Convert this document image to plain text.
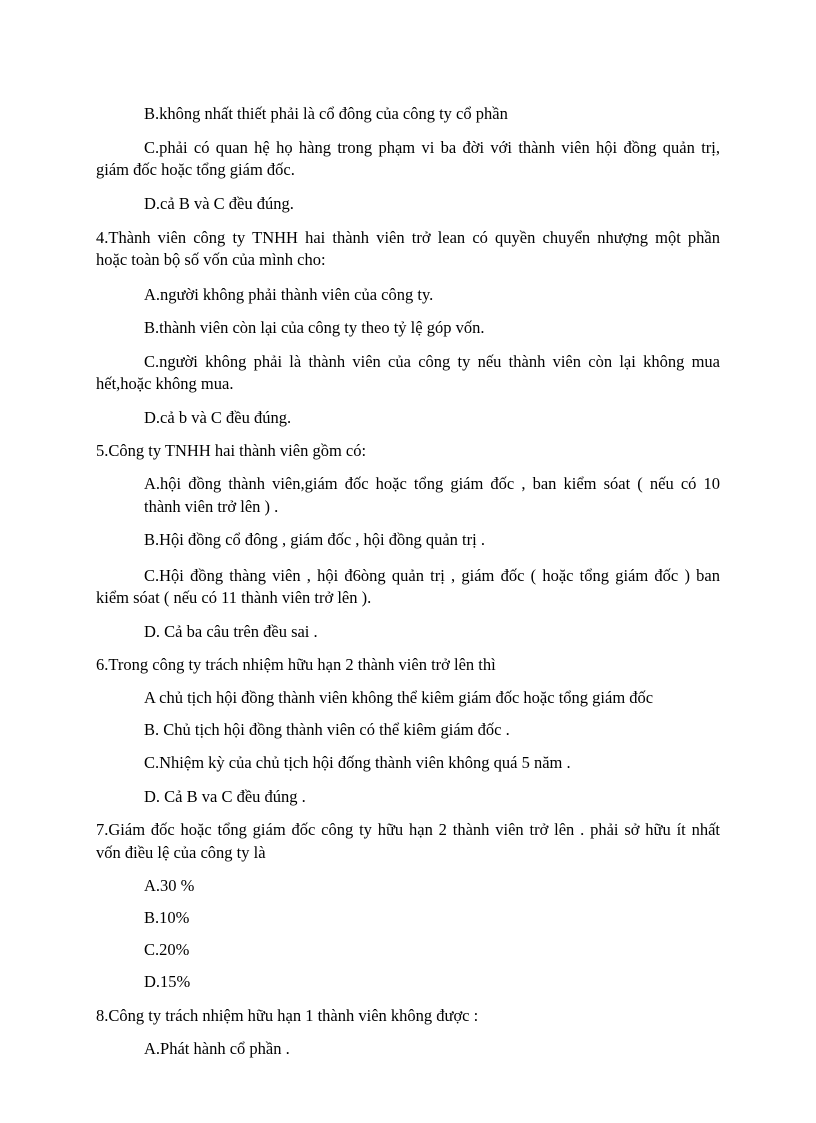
B.không nhất thiết phải là cổ đông của công ty cổ phần
C.phải có quan hệ họ hàng trong phạm vi ba đời với thành viên hội đồng quản trị,
giám đốc hoặc tổng giám đốc.
D.cả B và C đều đúng.
4.Thành viên công ty TNHH hai thành viên trở lean có quyền chuyển nhượng một phần
hoặc toàn bộ số vốn của mình cho:
A.người không phải thành viên của công ty.
B.thành viên còn lại của công ty theo tỷ lệ góp vốn.
C.người không phải là thành viên của công ty nếu thành viên còn lại không mua
hết,hoặc không mua.
D.cả b và C đều đúng.
5.Công ty TNHH hai thành viên gồm có:
A.hội đồng thành viên,giám đốc hoặc tổng giám đốc , ban kiểm sóat ( nếu có 10
thành viên trở lên ) .
B.Hội đồng cổ đông , giám đốc , hội đồng quản trị .
C.Hội đồng thàng viên , hội đ6òng quản trị , giám đốc ( hoặc tổng giám đốc ) ban
kiểm sóat ( nếu có 11 thành viên trở lên ).
D. Cả ba câu trên đều sai .
6.Trong công ty trách nhiệm hữu hạn 2 thành viên trở lên thì
A chủ tịch hội đồng thành viên không thể kiêm giám đốc hoặc tổng giám đốc
B. Chủ tịch hội đồng thành viên có thể kiêm giám đốc .
C.Nhiệm kỳ của chủ tịch hội đống thành viên không quá 5 năm .
D. Cả B va C đều đúng .
7.Giám đốc hoặc tổng giám đốc công ty hữu hạn 2 thành viên trở lên . phải sở hữu ít nhất
vốn điều lệ của công ty là
A.30 %
B.10%
C.20%
D.15%
8.Công ty trách nhiệm hữu hạn 1 thành viên không được :
A.Phát hành cổ phần .
